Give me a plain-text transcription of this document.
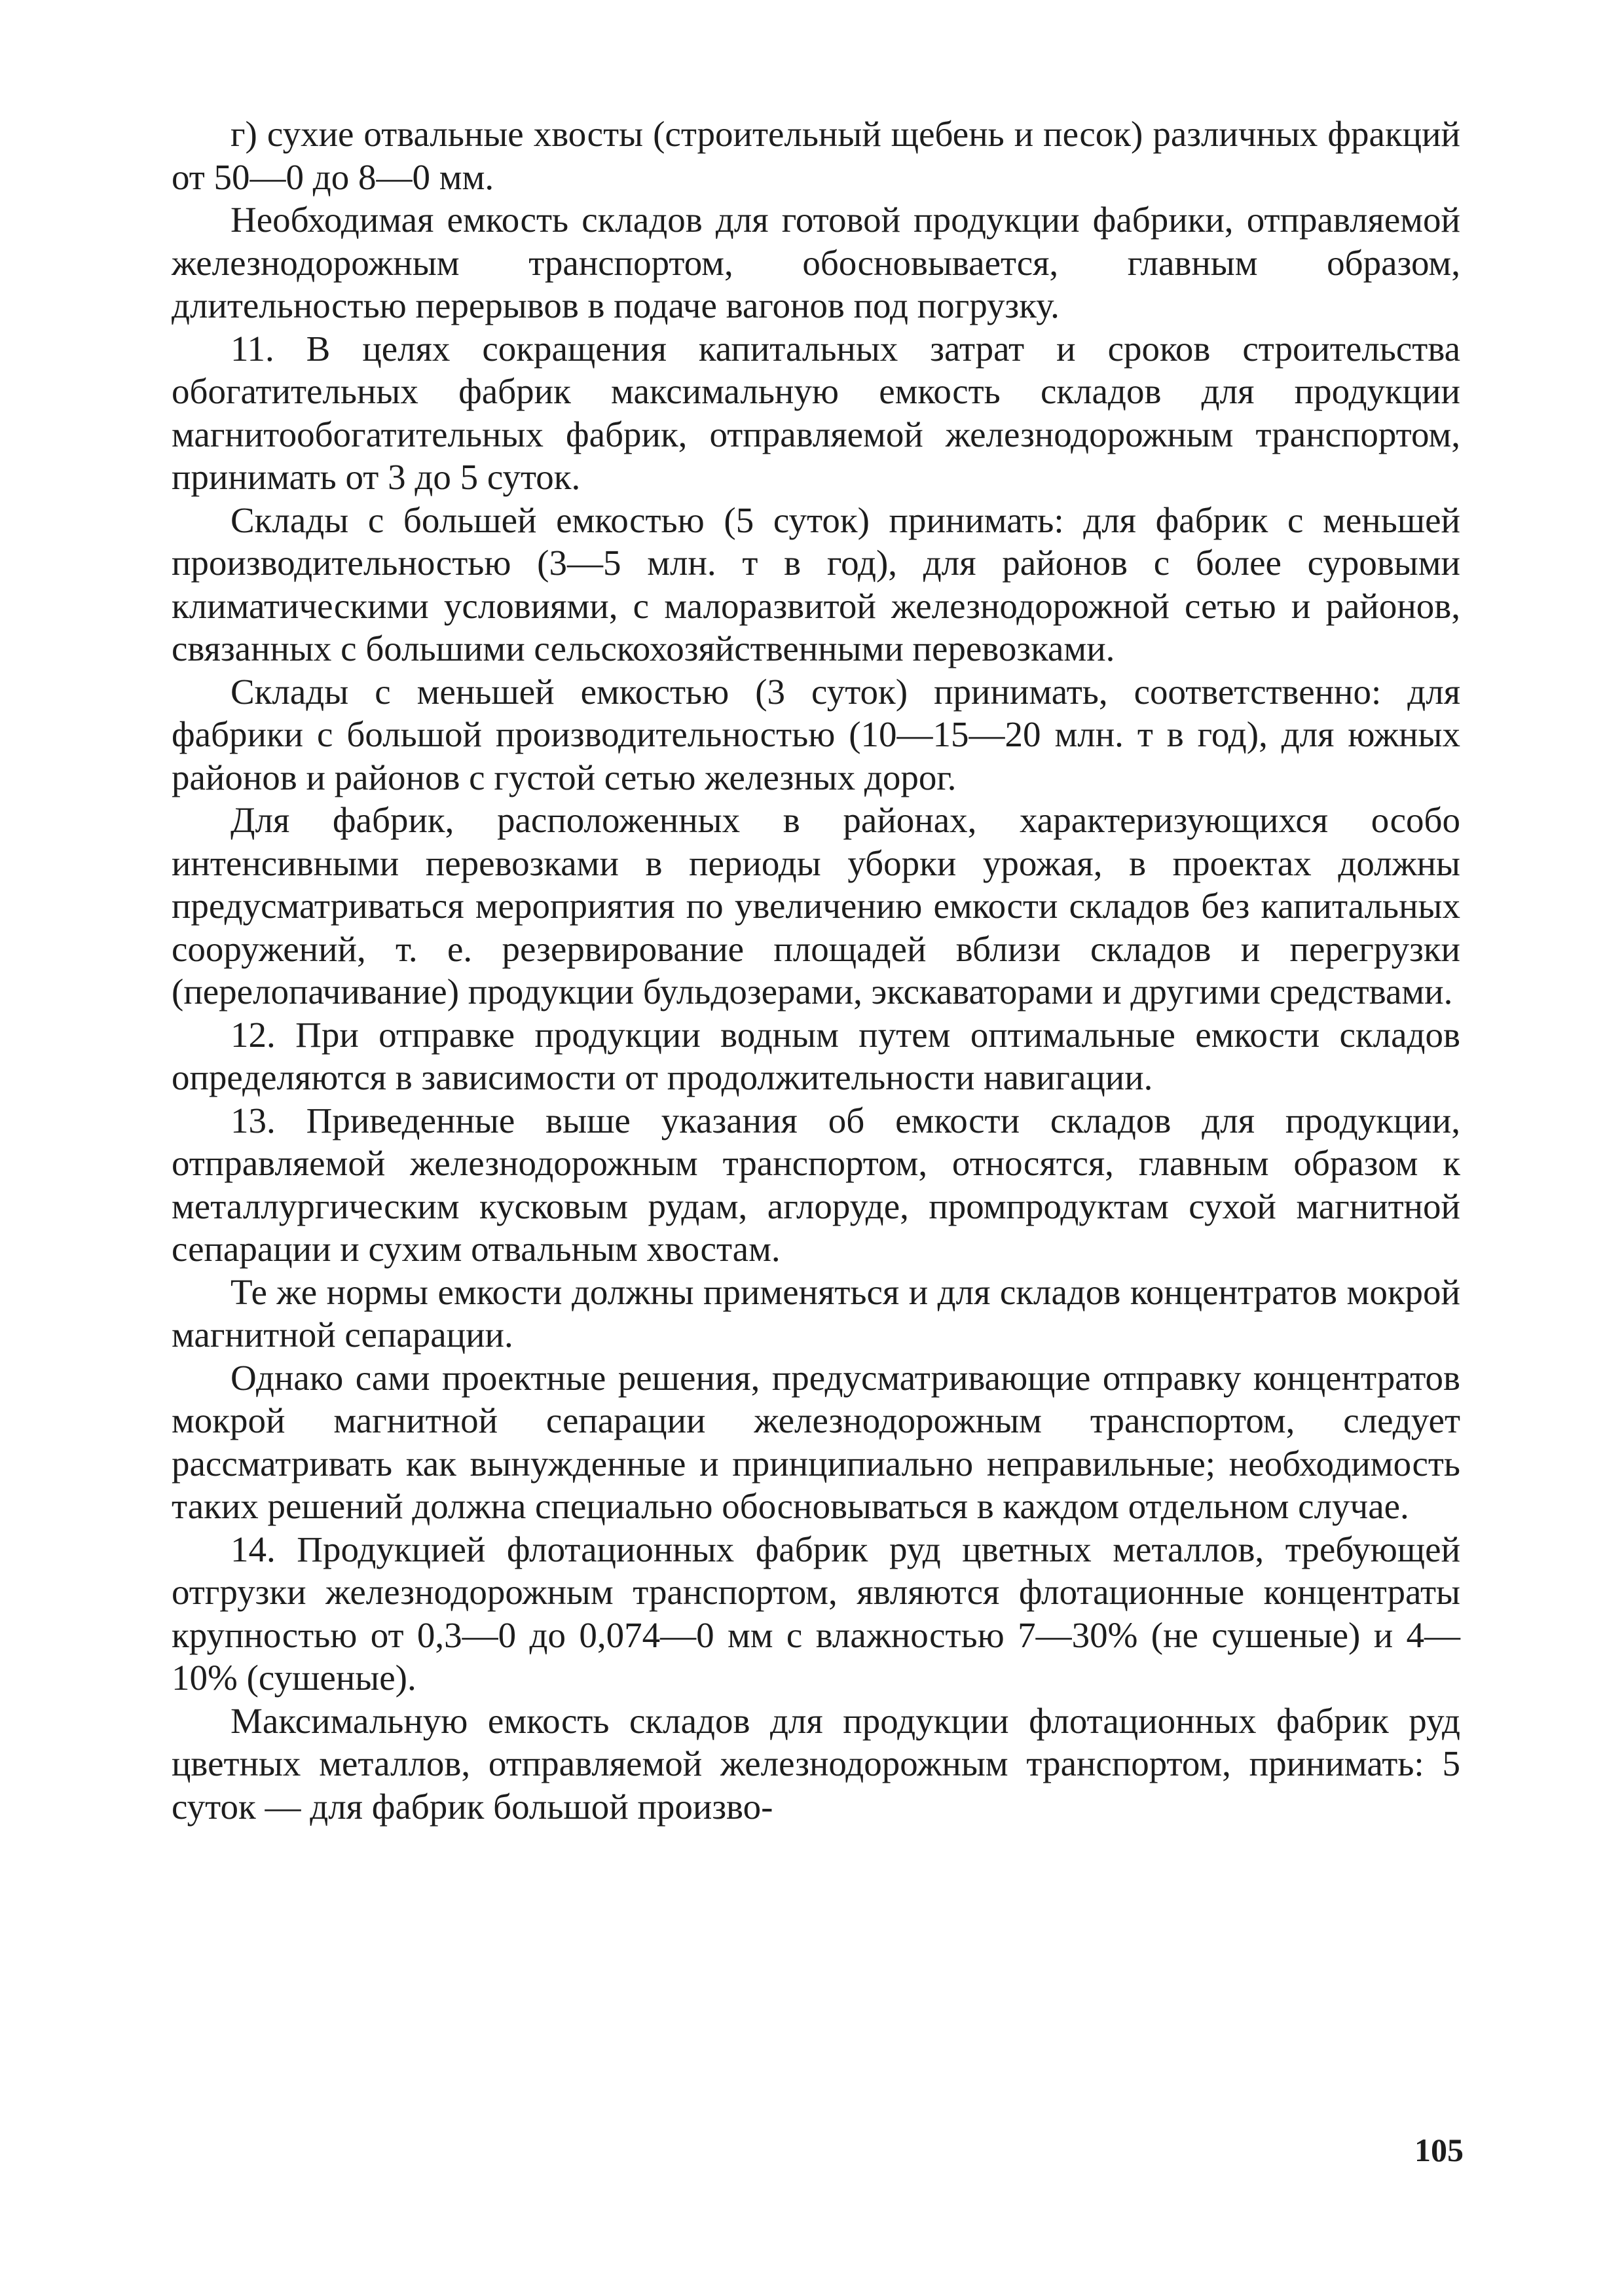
г) сухие отвальные хвосты (строительный щебень и песок) различных фракций от 50—0 до 8—0 мм.

Необходимая емкость складов для готовой продукции фабрики, отправляемой железнодорожным транспортом, обосновывается, главным образом, длительностью перерывов в подаче вагонов под погрузку.

11. В целях сокращения капитальных затрат и сроков строительства обогатительных фабрик максимальную емкость складов для продукции магнитообогатительных фабрик, отправляемой железнодорожным транспортом, принимать от 3 до 5 суток.

Склады с большей емкостью (5 суток) принимать: для фабрик с меньшей производительностью (3—5 млн. т в год), для районов с более суровыми климатическими условиями, с малоразвитой железнодорожной сетью и районов, связанных с большими сельскохозяйственными перевозками.

Склады с меньшей емкостью (3 суток) принимать, соответственно: для фабрики с большой производительностью (10—15—20 млн. т в год), для южных районов и районов с густой сетью железных дорог.

Для фабрик, расположенных в районах, характеризующихся особо интенсивными перевозками в периоды уборки урожая, в проектах должны предусматриваться мероприятия по увеличению емкости складов без капитальных сооружений, т. е. резервирование площадей вблизи складов и перегрузки (перелопачивание) продукции бульдозерами, экскаваторами и другими средствами.

12. При отправке продукции водным путем оптимальные емкости складов определяются в зависимости от продолжительности навигации.

13. Приведенные выше указания об емкости складов для продукции, отправляемой железнодорожным транспортом, относятся, главным образом к металлургическим кусковым рудам, аглоруде, промпродуктам сухой магнитной сепарации и сухим отвальным хвостам.

Те же нормы емкости должны применяться и для складов концентратов мокрой магнитной сепарации.

Однако сами проектные решения, предусматривающие отправку концентратов мокрой магнитной сепарации железнодорожным транспортом, следует рассматривать как вынужденные и принципиально неправильные; необходимость таких решений должна специально обосновываться в каждом отдельном случае.

14. Продукцией флотационных фабрик руд цветных металлов, требующей отгрузки железнодорожным транспортом, являются флотационные концентраты крупностью от 0,3—0 до 0,074—0 мм с влажностью 7—30% (не сушеные) и 4—10% (сушеные).

Максимальную емкость складов для продукции флотационных фабрик руд цветных металлов, отправляемой железнодорожным транспортом, принимать: 5 суток — для фабрик большой произво-

105
